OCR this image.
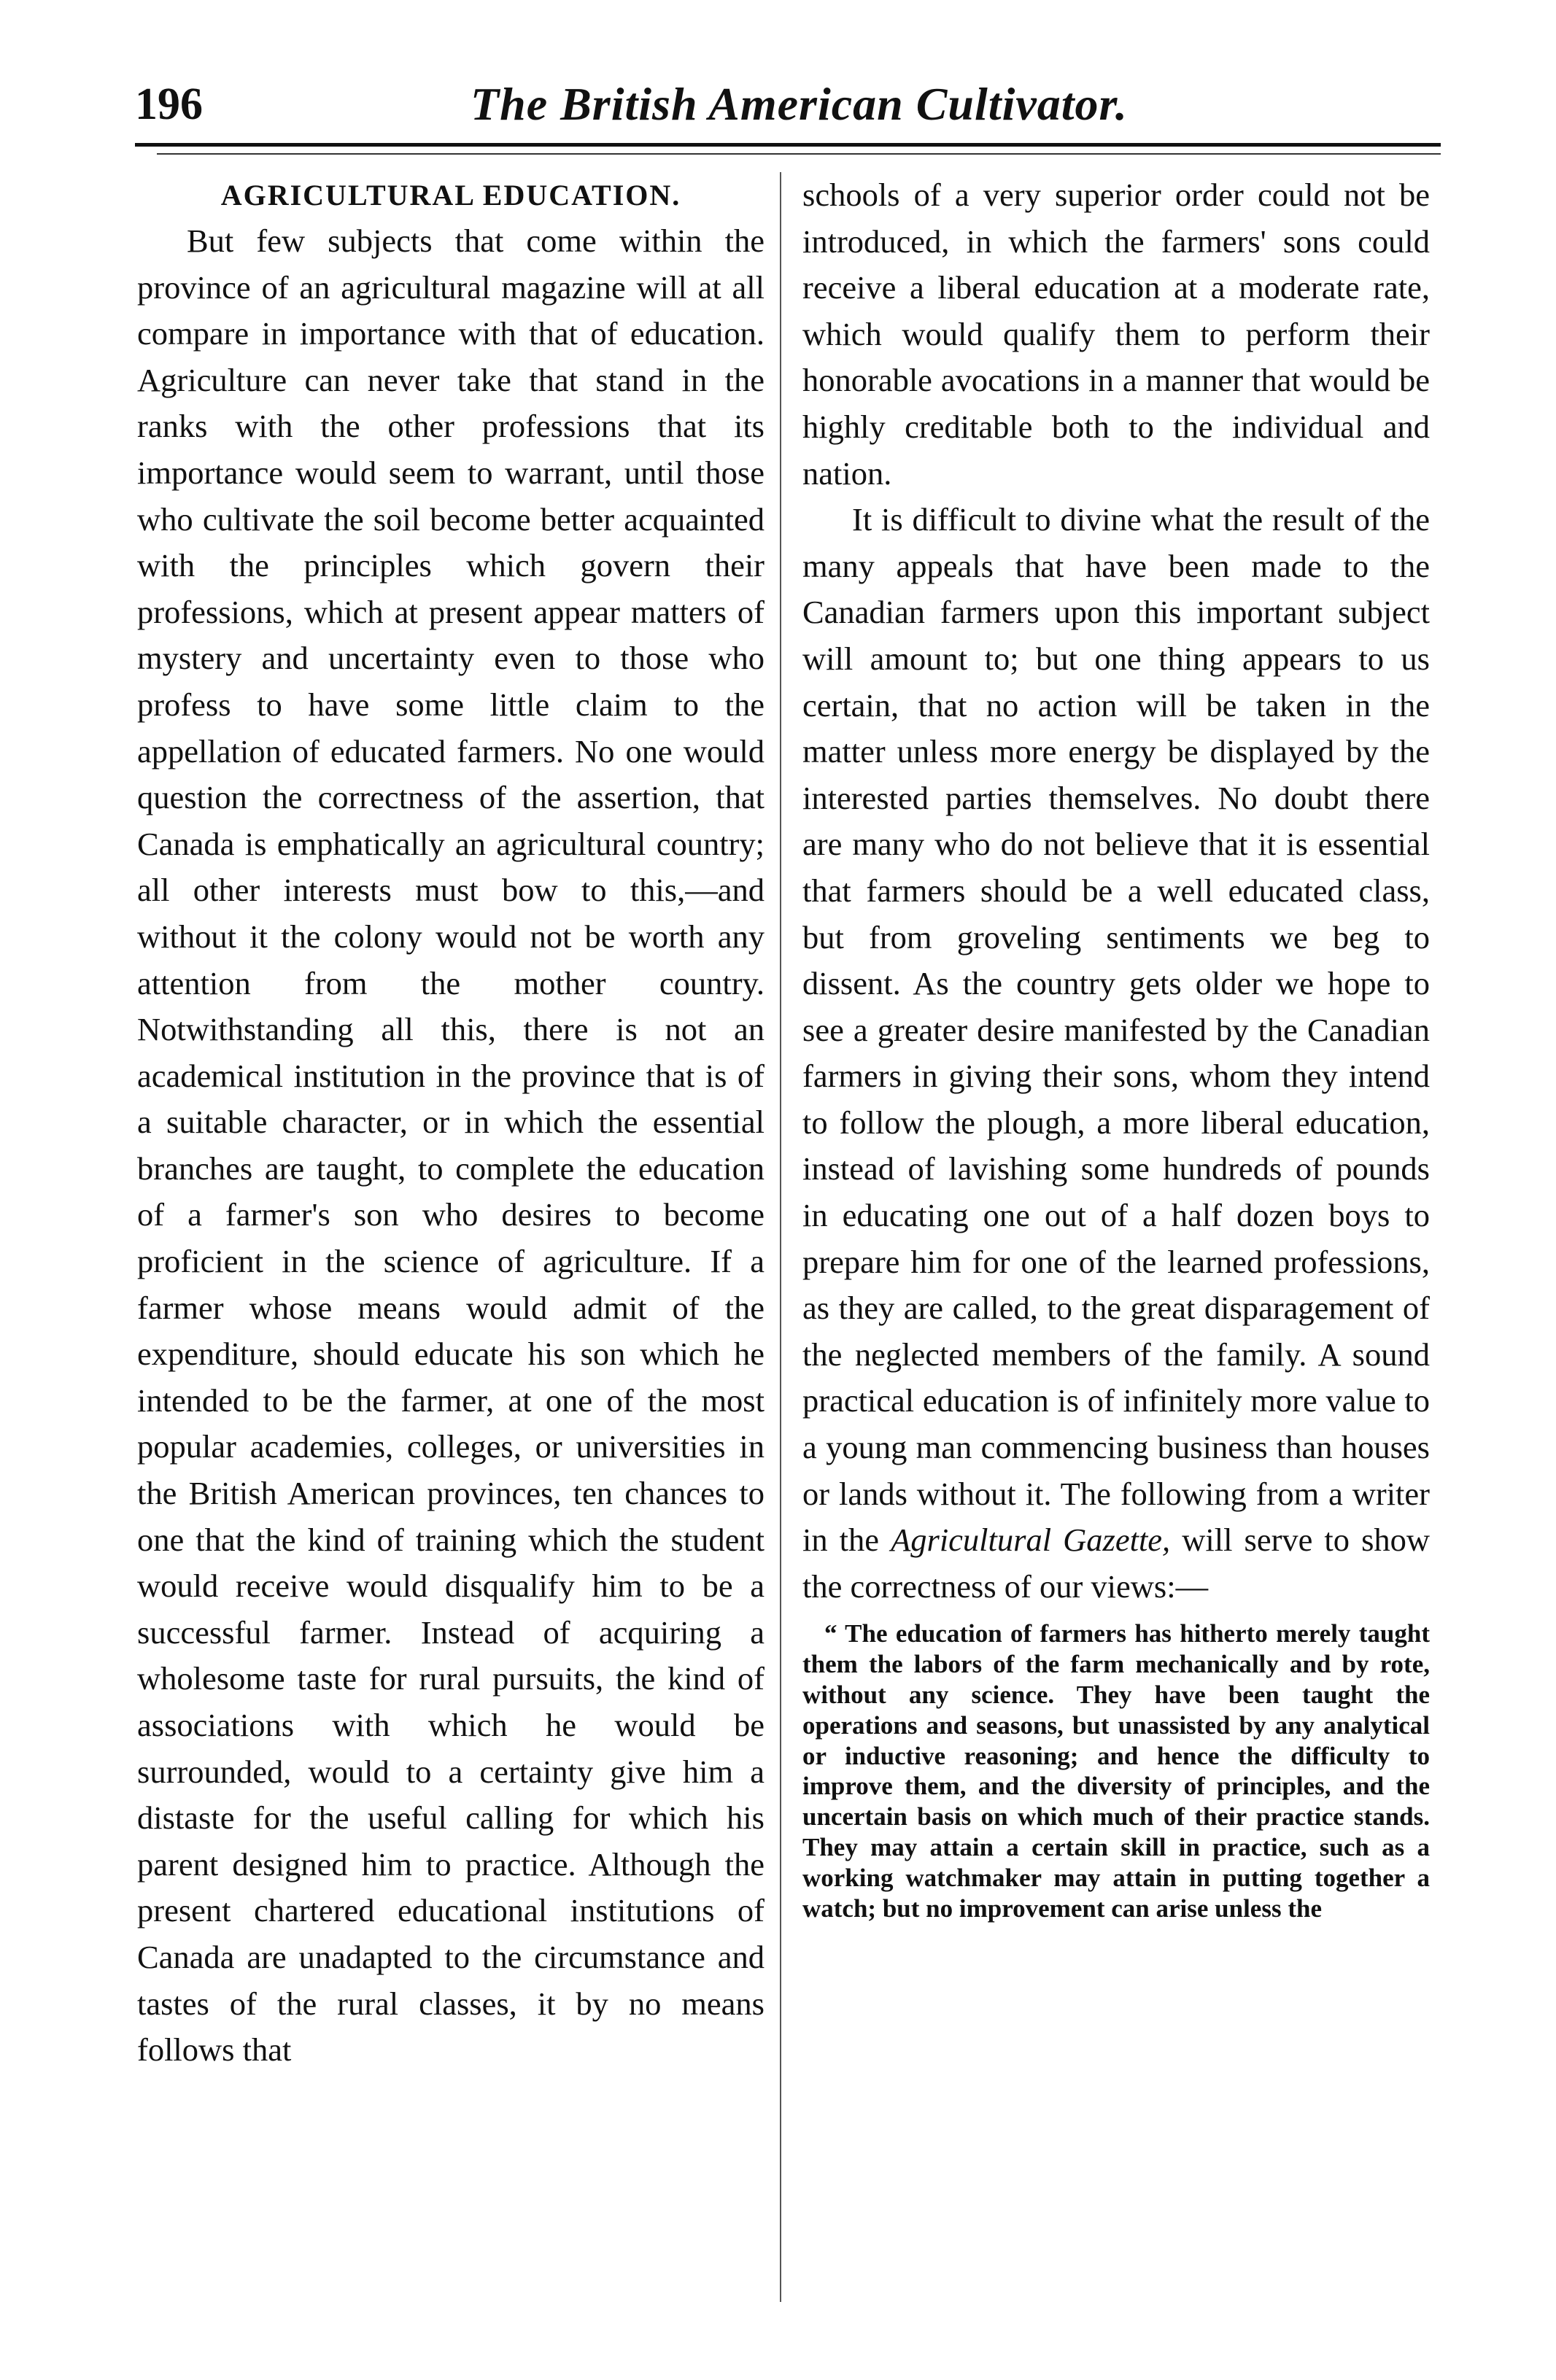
196	The British American Cultivator.
AGRICULTURAL EDUCATION.

But few subjects that come within the province of an agricultural magazine will at all compare in importance with that of education. Agriculture can never take that stand in the ranks with the other professions that its importance would seem to warrant, until those who cultivate the soil become better acquainted with the principles which govern their professions, which at present appear matters of mystery and uncertainty even to those who profess to have some little claim to the appellation of educated farmers. No one would question the correctness of the assertion, that Canada is emphatically an agricultural country; all other interests must bow to this,—and without it the colony would not be worth any attention from the mother country. Notwithstanding all this, there is not an academical institution in the province that is of a suitable character, or in which the essential branches are taught, to complete the education of a farmer's son who desires to become proficient in the science of agriculture. If a farmer whose means would admit of the expenditure, should educate his son which he intended to be the farmer, at one of the most popular academies, colleges, or universities in the British American provinces, ten chances to one that the kind of training which the student would receive would disqualify him to be a successful farmer. Instead of acquiring a wholesome taste for rural pursuits, the kind of associations with which he would be surrounded, would to a certainty give him a distaste for the useful calling for which his parent designed him to practice. Although the present chartered educational institutions of Canada are unadapted to the circumstance and tastes of the rural classes, it by no means follows that

schools of a very superior order could not be introduced, in which the farmers' sons could receive a liberal education at a moderate rate, which would qualify them to perform their honorable avocations in a manner that would be highly creditable both to the individual and nation.

It is difficult to divine what the result of the many appeals that have been made to the Canadian farmers upon this important subject will amount to; but one thing appears to us certain, that no action will be taken in the matter unless more energy be displayed by the interested parties themselves. No doubt there are many who do not believe that it is essential that farmers should be a well educated class, but from groveling sentiments we beg to dissent. As the country gets older we hope to see a greater desire manifested by the Canadian farmers in giving their sons, whom they intend to follow the plough, a more liberal education, instead of lavishing some hundreds of pounds in educating one out of a half dozen boys to prepare him for one of the learned professions, as they are called, to the great disparagement of the neglected members of the family. A sound practical education is of infinitely more value to a young man commencing business than houses or lands without it. The following from a writer in the Agricultural Gazette, will serve to show the correctness of our views:—

“ The education of farmers has hitherto merely taught them the labors of the farm mechanically and by rote, without any science. They have been taught the operations and seasons, but unassisted by any analytical or inductive reasoning; and hence the difficulty to improve them, and the diversity of principles, and the uncertain basis on which much of their practice stands. They may attain a certain skill in practice, such as a working watchmaker may attain in putting together a watch; but no improvement can arise unless the
